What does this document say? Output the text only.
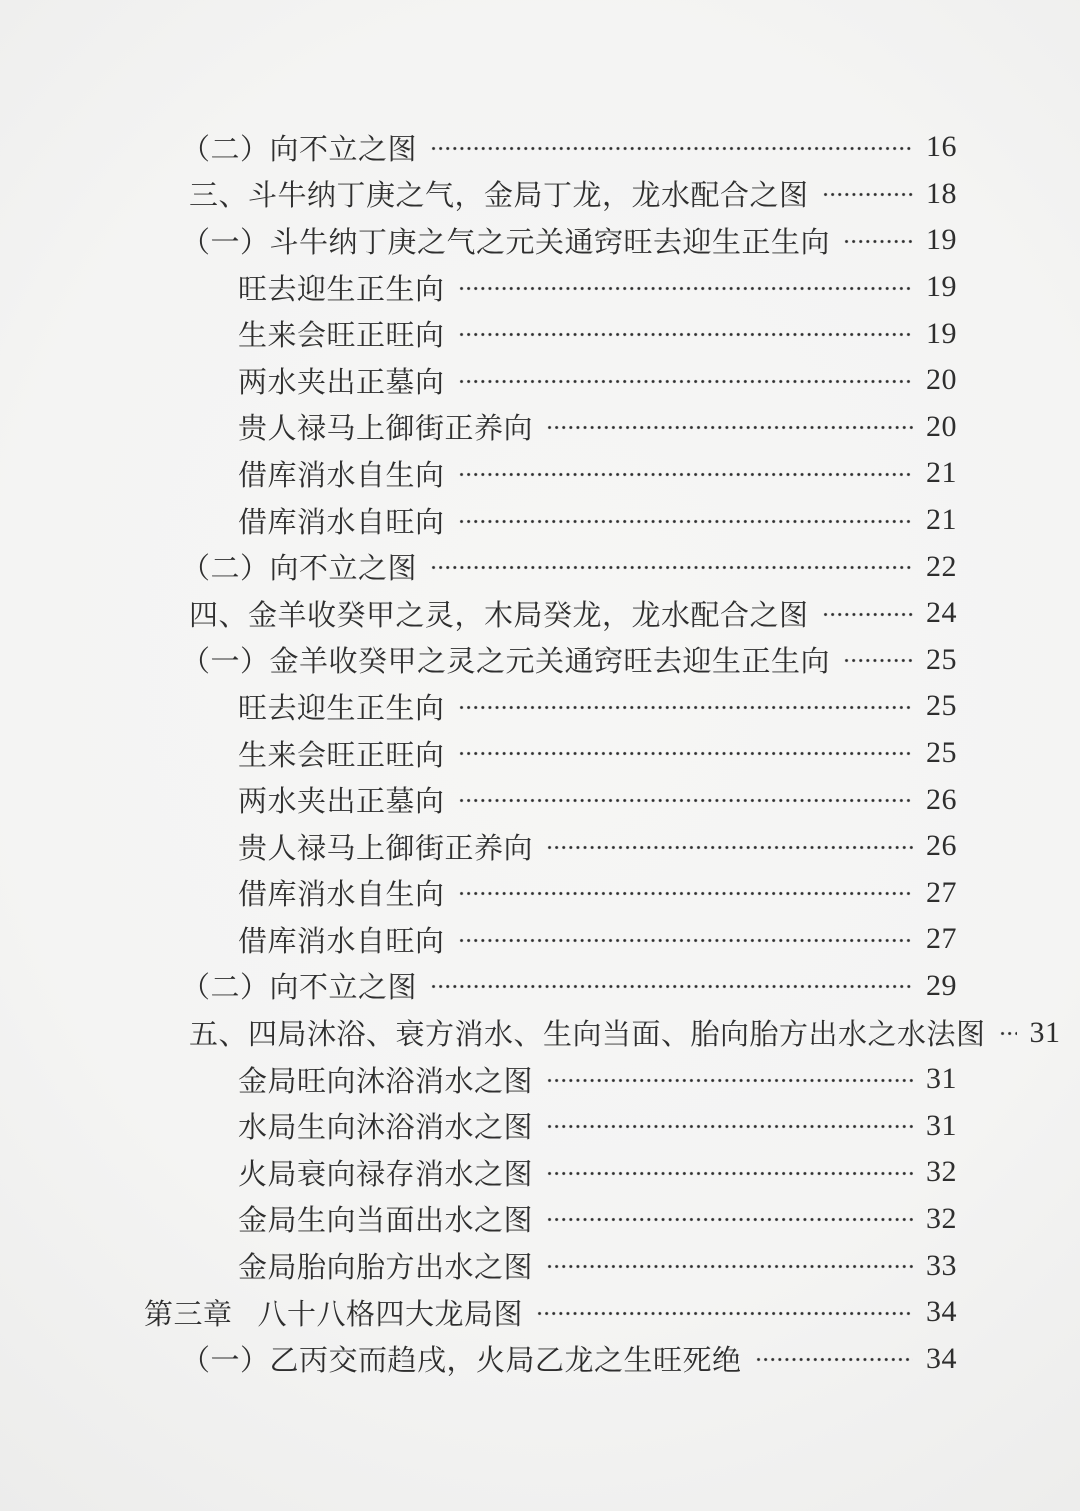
（二）向不立之图	16
三、斗牛纳丁庚之气，金局丁龙，龙水配合之图	18
（一）斗牛纳丁庚之气之元关通窍旺去迎生正生向	19
旺去迎生正生向	19
生来会旺正旺向	19
两水夹出正墓向	20
贵人禄马上御街正养向	20
借库消水自生向	21
借库消水自旺向	21
（二）向不立之图	22
四、金羊收癸甲之灵，木局癸龙，龙水配合之图	24
（一）金羊收癸甲之灵之元关通窍旺去迎生正生向	25
旺去迎生正生向	25
生来会旺正旺向	25
两水夹出正墓向	26
贵人禄马上御街正养向	26
借库消水自生向	27
借库消水自旺向	27
（二）向不立之图	29
五、四局沐浴、衰方消水、生向当面、胎向胎方出水之水法图 31
金局旺向沐浴消水之图	31
水局生向沐浴消水之图	31
火局衰向禄存消水之图	32
金局生向当面出水之图	32
金局胎向胎方出水之图	33
第三章 八十八格四大龙局图	34
（一）乙丙交而趋戌，火局乙龙之生旺死绝	34
